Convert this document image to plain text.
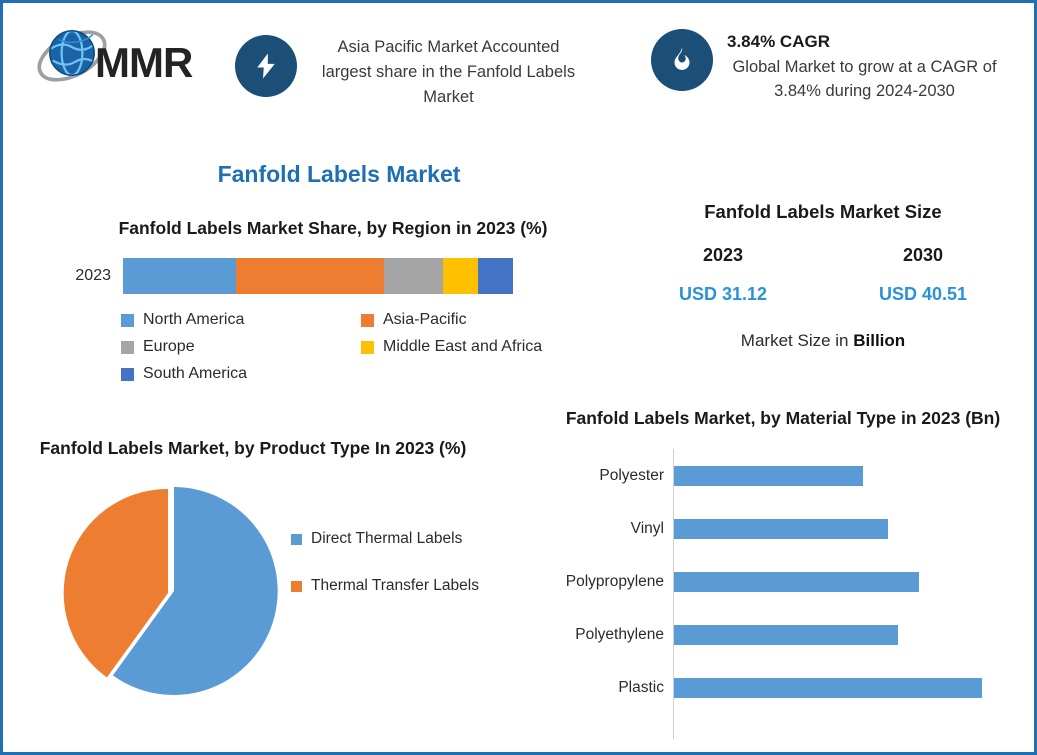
MMR	Asia Pacific Market Accounted largest share in the Fanfold Labels Market
3.84% CAGR
Global Market to grow at a CAGR of 3.84% during 2024-2030
Fanfold Labels Market
Fanfold Labels Market Share, by Region in 2023 (%)
2023
North America	Asia-Pacific
Europe	Middle East and Africa
South America
Fanfold Labels Market Size
2023	2030
USD 31.12	USD 40.51
Market Size in Billion
Fanfold Labels Market, by Product Type In 2023 (%)
Direct Thermal Labels
Thermal Transfer Labels
Fanfold Labels Market, by Material Type in 2023 (Bn)
Polyester
Vinyl
Polypropylene
Polyethylene
Plastic
